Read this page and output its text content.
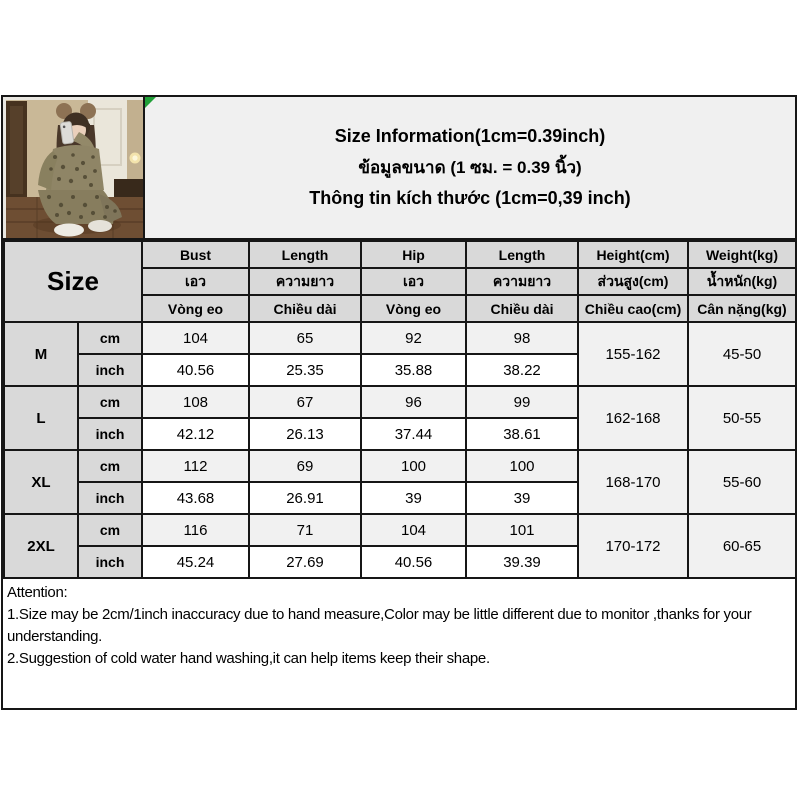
Size Information(1cm=0.39inch)
ข้อมูลขนาด (1 ซม. = 0.39 นิ้ว)
Thông tin kích thước (1cm=0,39 inch)
Size		Bust	Length	Hip	Length	Height(cm)	Weight(kg)
		เอว	ความยาว	เอว	ความยาว	ส่วนสูง(cm)	น้ำหนัก(kg)
		Vòng eo	Chiều dài	Vòng eo	Chiều dài	Chiều cao(cm)	Cân nặng(kg)
M	cm	104	65	92	98	155-162	45-50
	inch	40.56	25.35	35.88	38.22		
L	cm	108	67	96	99	162-168	50-55
	inch	42.12	26.13	37.44	38.61		
XL	cm	112	69	100	100	168-170	55-60
	inch	43.68	26.91	39	39		
2XL	cm	116	71	104	101	170-172	60-65
	inch	45.24	27.69	40.56	39.39		
Attention:
1.Size may be 2cm/1inch inaccuracy due to hand measure,Color may be little different due to monitor ,thanks for your understanding.
2.Suggestion of cold water hand washing,it can help items keep their shape.
